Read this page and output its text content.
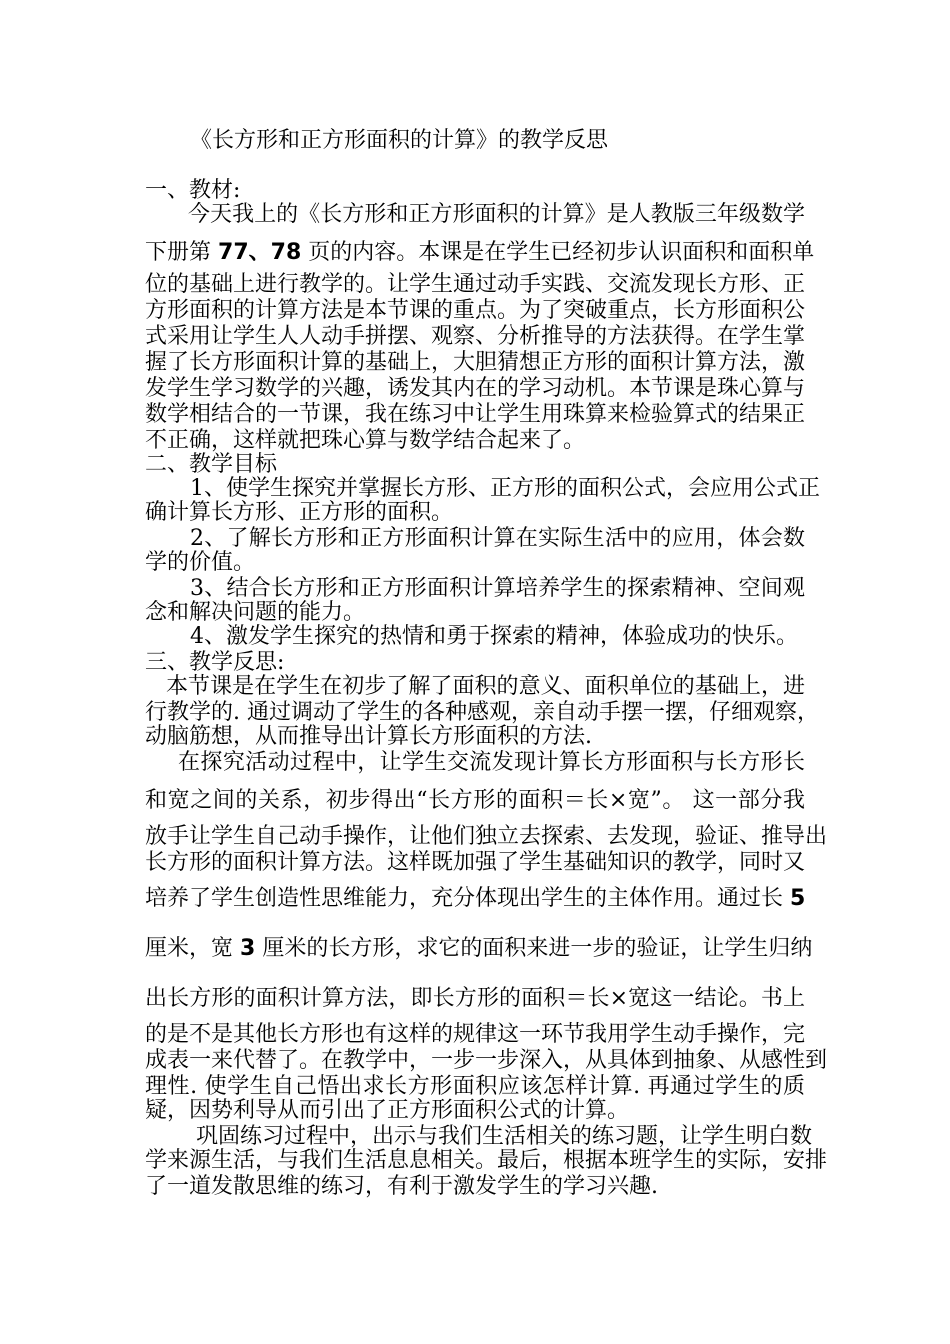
《长方形和正方形面积的计算》的教学反思
一、教材:
今天我上的《长方形和正方形面积的计算》是人教版三年级数学
下册第 77、78 页的内容。本课是在学生已经初步认识面积和面积单
位的基础上进行教学的。让学生通过动手实践、交流发现长方形、正
方形面积的计算方法是本节课的重点。为了突破重点，长方形面积公
式采用让学生人人动手拼摆、观察、分析推导的方法获得。在学生掌
握了长方形面积计算的基础上，大胆猜想正方形的面积计算方法，激
发学生学习数学的兴趣，诱发其内在的学习动机。本节课是珠心算与
数学相结合的一节课，我在练习中让学生用珠算来检验算式的结果正
不正确，这样就把珠心算与数学结合起来了。
二、教学目标
1、使学生探究并掌握长方形、正方形的面积公式，会应用公式正
确计算长方形、正方形的面积。
2、了解长方形和正方形面积计算在实际生活中的应用，体会数
学的价值。
3、结合长方形和正方形面积计算培养学生的探索精神、空间观
念和解决问题的能力。
4、激发学生探究的热情和勇于探索的精神，体验成功的快乐。
三、教学反思:
本节课是在学生在初步了解了面积的意义、面积单位的基础上，进
行教学的. 通过调动了学生的各种感观，亲自动手摆一摆，仔细观察，
动脑筋想，从而推导出计算长方形面积的方法.
在探究活动过程中，让学生交流发现计算长方形面积与长方形长
和宽之间的关系，初步得出“长方形的面积＝长×宽”。 这一部分我
放手让学生自己动手操作，让他们独立去探索、去发现，验证、推导出
长方形的面积计算方法。这样既加强了学生基础知识的教学，同时又
培养了学生创造性思维能力，充分体现出学生的主体作用。通过长 5
厘米，宽 3 厘米的长方形，求它的面积来进一步的验证，让学生归纳
出长方形的面积计算方法，即长方形的面积＝长×宽这一结论。书上
的是不是其他长方形也有这样的规律这一环节我用学生动手操作，完
成表一来代替了。在教学中，一步一步深入，从具体到抽象、从感性到
理性. 使学生自己悟出求长方形面积应该怎样计算. 再通过学生的质
疑，因势利导从而引出了正方形面积公式的计算。
巩固练习过程中，出示与我们生活相关的练习题，让学生明白数
学来源生活，与我们生活息息相关。最后，根据本班学生的实际，安排
了一道发散思维的练习，有利于激发学生的学习兴趣.
